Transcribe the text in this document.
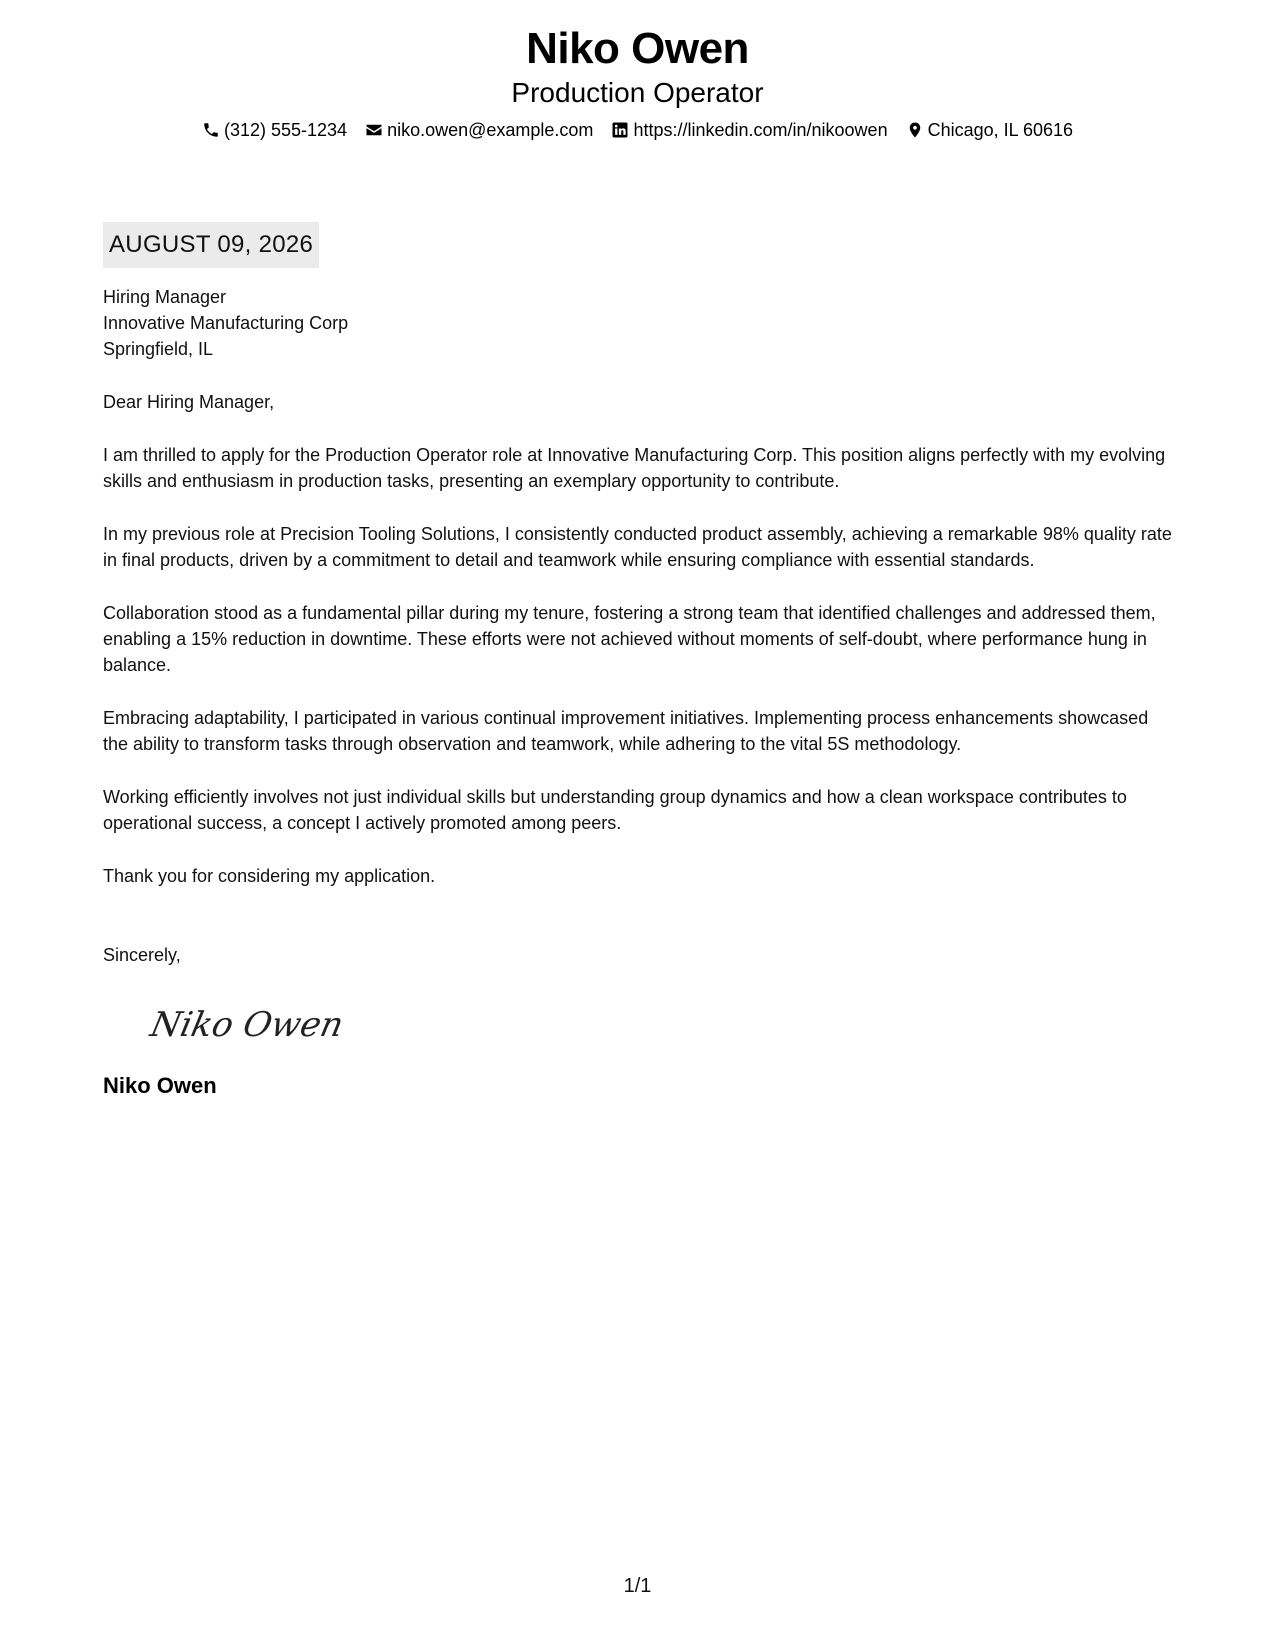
Niko Owen
Production Operator
(312) 555-1234 niko.owen@example.com https://linkedin.com/in/nikoowen Chicago, IL 60616
AUGUST 09, 2026
Hiring Manager
Innovative Manufacturing Corp
Springfield, IL
Dear Hiring Manager,

I am thrilled to apply for the Production Operator role at Innovative Manufacturing Corp. This position aligns perfectly with my evolving skills and enthusiasm in production tasks, presenting an exemplary opportunity to contribute.

In my previous role at Precision Tooling Solutions, I consistently conducted product assembly, achieving a remarkable 98% quality rate in final products, driven by a commitment to detail and teamwork while ensuring compliance with essential standards.

Collaboration stood as a fundamental pillar during my tenure, fostering a strong team that identified challenges and addressed them, enabling a 15% reduction in downtime. These efforts were not achieved without moments of self-doubt, where performance hung in balance.

Embracing adaptability, I participated in various continual improvement initiatives. Implementing process enhancements showcased the ability to transform tasks through observation and teamwork, while adhering to the vital 5S methodology.

Working efficiently involves not just individual skills but understanding group dynamics and how a clean workspace contributes to operational success, a concept I actively promoted among peers.

Thank you for considering my application.

Sincerely,
Niko Owen
Niko Owen
1/1
